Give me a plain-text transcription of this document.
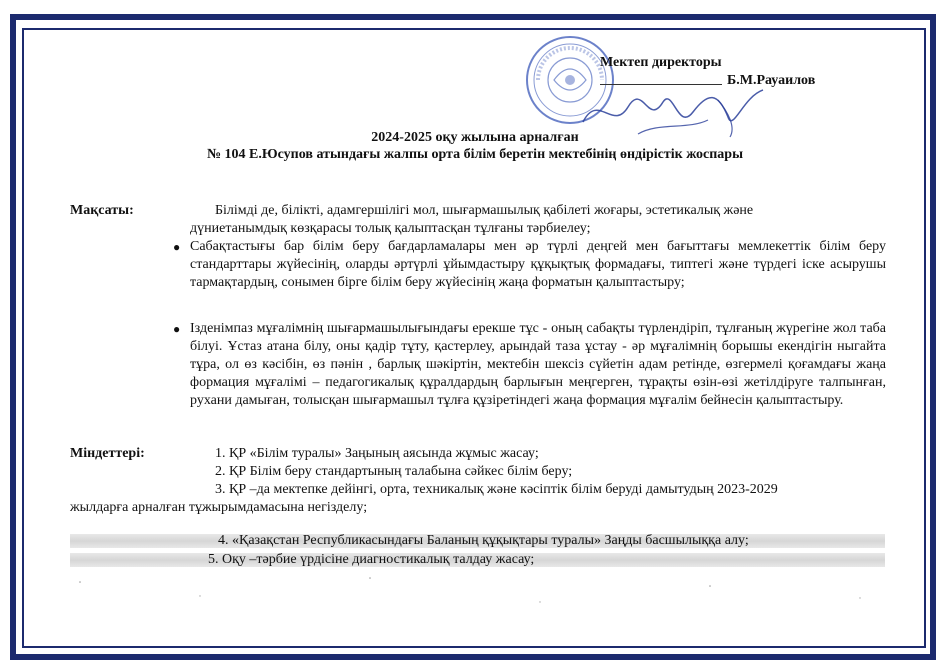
Мектеп директоры
Б.М.Рауаилов
2024-2025 оқу жылына арналған
№ 104 Е.Юсупов атындағы жалпы орта білім беретін мектебінің өндірістік жоспары
Мақсаты:	Білімді де, білікті, адамгершілігі мол, шығармашылық қабілеті жоғары, эстетикалық және
дүниетанымдық көзқарасы толық қалыптасқан тұлғаны тәрбиелеу;
● Сабақтастығы бар білім беру бағдарламалары мен әр түрлі деңгей мен бағыттағы мемлекеттік білім беру стандарттары жүйесінің, оларды әртүрлі ұйымдастыру құқықтық формадағы, типтегі және түрдегі іске асырушы тармақтардың, сонымен бірге білім беру жүйесінің жаңа форматын қалыптастыру;
● Ізденімпаз мұғалімнің шығармашылығындағы ерекше тұс - оның сабақты түрлендіріп, тұлғаның жүрегіне жол таба білуі. Ұстаз атана білу, оны қадір тұту, қастерлеу, арындай таза ұстау - әр мұғалімнің борышы екендігін ныгайта тұра, ол өз кәсібін, өз пәнін , барлық шәкіртін, мектебін шексіз сүйетін адам ретінде, өзгермелі қоғамдағы жаңа формация мұғалімі – педагогикалық құралдардың барлығын меңгерген, тұрақты өзін-өзі жетілдіруге талпынған, рухани дамыған, толысқан шығармашыл тұлға құзіретіндегі жаңа формация мұғалім бейнесін қалыптастыру.
Міндеттері:	1. ҚР «Білім туралы» Заңының аясында жұмыс жасау;
2. ҚР Білім беру стандартының талабына сәйкес білім беру;
3. ҚР –да мектепке дейінгі, орта, техникалық және кәсіптік білім беруді дамытудың 2023-2029
жылдарға арналған тұжырымдамасына негізделу;
4. «Қазақстан Республикасындағы Баланың құқықтары туралы» Заңды басшылыққа алу;
5. Оқу –тәрбие үрдісіне диагностикалық талдау жасау;
